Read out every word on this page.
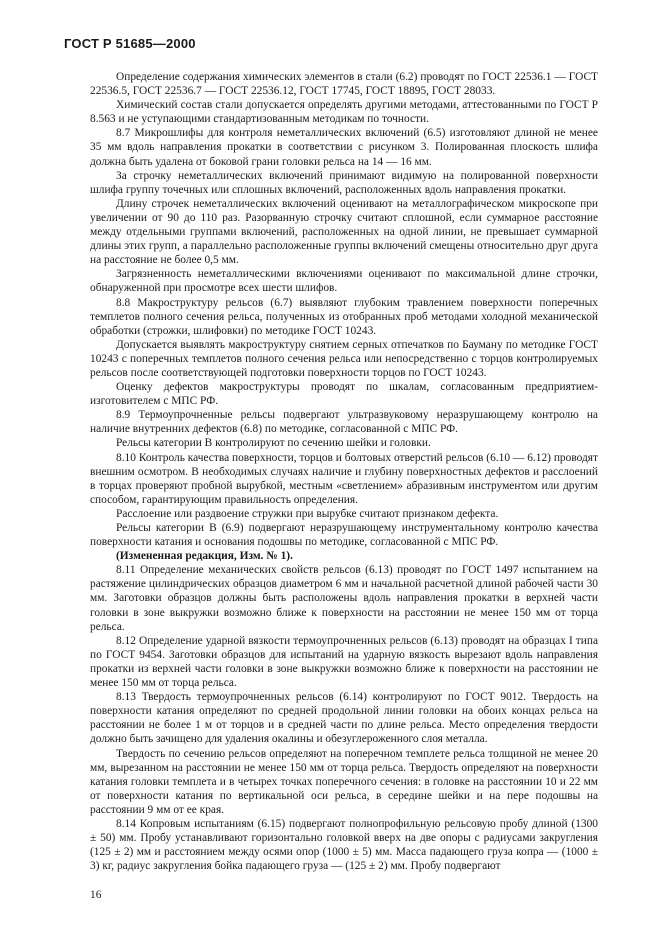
ГОСТ Р 51685—2000

Определение содержания химических элементов в стали (6.2) проводят по ГОСТ 22536.1 — ГОСТ 22536.5, ГОСТ 22536.7 — ГОСТ 22536.12, ГОСТ 17745, ГОСТ 18895, ГОСТ 28033.

Химический состав стали допускается определять другими методами, аттестованными по ГОСТ Р 8.563 и не уступающими стандартизованным методикам по точности.

8.7 Микрошлифы для контроля неметаллических включений (6.5) изготовляют длиной не менее 35 мм вдоль направления прокатки в соответствии с рисунком 3. Полированная плоскость шлифа должна быть удалена от боковой грани головки рельса на 14 — 16 мм.

За строчку неметаллических включений принимают видимую на полированной поверхности шлифа группу точечных или сплошных включений, расположенных вдоль направления прокатки.

Длину строчек неметаллических включений оценивают на металлографическом микроскопе при увеличении от 90 до 110 раз. Разорванную строчку считают сплошной, если суммарное расстояние между отдельными группами включений, расположенных на одной линии, не превышает суммарной длины этих групп, а параллельно расположенные группы включений смещены относительно друг друга на расстояние не более 0,5 мм.

Загрязненность неметаллическими включениями оценивают по максимальной длине строчки, обнаруженной при просмотре всех шести шлифов.

8.8 Макроструктуру рельсов (6.7) выявляют глубоким травлением поверхности поперечных темплетов полного сечения рельса, полученных из отобранных проб методами холодной механической обработки (строжки, шлифовки) по методике ГОСТ 10243.

Допускается выявлять макроструктуру снятием серных отпечатков по Бауману по методике ГОСТ 10243 с поперечных темплетов полного сечения рельса или непосредственно с торцов контролируемых рельсов после соответствующей подготовки поверхности торцов по ГОСТ 10243.

Оценку дефектов макроструктуры проводят по шкалам, согласованным предприятием-изготовителем с МПС РФ.

8.9 Термоупрочненные рельсы подвергают ультразвуковому неразрушающему контролю на наличие внутренних дефектов (6.8) по методике, согласованной с МПС РФ.

Рельсы категории В контролируют по сечению шейки и головки.

8.10 Контроль качества поверхности, торцов и болтовых отверстий рельсов (6.10 — 6.12) проводят внешним осмотром. В необходимых случаях наличие и глубину поверхностных дефектов и расслоений в торцах проверяют пробной вырубкой, местным «светлением» абразивным инструментом или другим способом, гарантирующим правильность определения.

Расслоение или раздвоение стружки при вырубке считают признаком дефекта.

Рельсы категории В (6.9) подвергают неразрушающему инструментальному контролю качества поверхности катания и основания подошвы по методике, согласованной с МПС РФ.

(Измененная редакция, Изм. № 1).

8.11 Определение механических свойств рельсов (6.13) проводят по ГОСТ 1497 испытанием на растяжение цилиндрических образцов диаметром 6 мм и начальной расчетной длиной рабочей части 30 мм. Заготовки образцов должны быть расположены вдоль направления прокатки в верхней части головки в зоне выкружки возможно ближе к поверхности на расстоянии не менее 150 мм от торца рельса.

8.12 Определение ударной вязкости термоупрочненных рельсов (6.13) проводят на образцах I типа по ГОСТ 9454. Заготовки образцов для испытаний на ударную вязкость вырезают вдоль направления прокатки из верхней части головки в зоне выкружки возможно ближе к поверхности на расстоянии не менее 150 мм от торца рельса.

8.13 Твердость термоупрочненных рельсов (6.14) контролируют по ГОСТ 9012. Твердость на поверхности катания определяют по средней продольной линии головки на обоих концах рельса на расстоянии не более 1 м от торцов и в средней части по длине рельса. Место определения твердости должно быть зачищено для удаления окалины и обезуглероженного слоя металла.

Твердость по сечению рельсов определяют на поперечном темплете рельса толщиной не менее 20 мм, вырезанном на расстоянии не менее 150 мм от торца рельса. Твердость определяют на поверхности катания головки темплета и в четырех точках поперечного сечения: в головке на расстоянии 10 и 22 мм от поверхности катания по вертикальной оси рельса, в середине шейки и на пере подошвы на расстоянии 9 мм от ее края.

8.14 Копровым испытаниям (6.15) подвергают полнопрофильную рельсовую пробу длиной (1300 ± 50) мм. Пробу устанавливают горизонтально головкой вверх на две опоры с радиусами закругления (125 ± 2) мм и расстоянием между осями опор (1000 ± 5) мм. Масса падающего груза копра — (1000 ± 3) кг, радиус закругления бойка падающего груза — (125 ± 2) мм. Пробу подвергают

16
